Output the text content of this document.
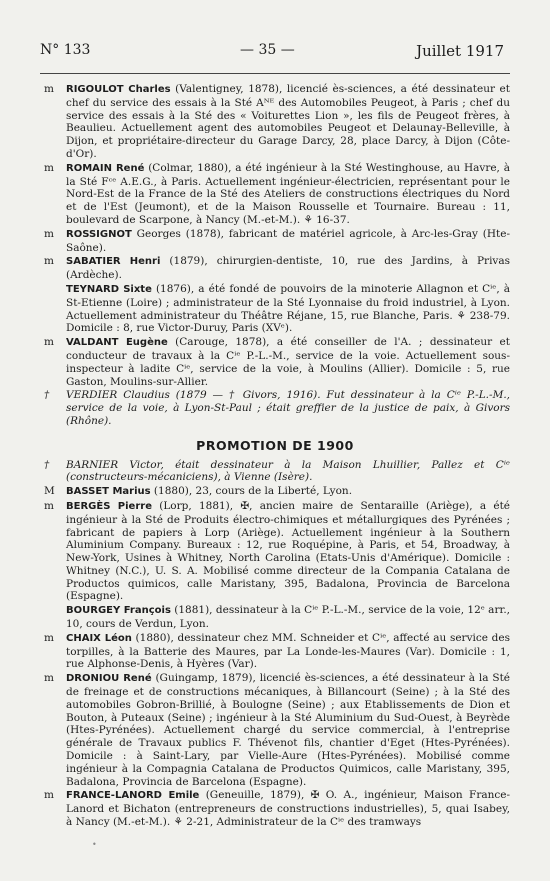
N° 133	— 35 —	Juillet 1917
m	RIGOULOT Charles (Valentigney, 1878), licencié ès-sciences, a été dessinateur et chef du service des essais à la Sté Aᴺᴱ des Automobiles Peugeot, à Paris ; chef du service des essais à la Sté des « Voiturettes Lion », les fils de Peugeot frères, à Beaulieu. Actuellement agent des automobiles Peugeot et Delaunay-Belleville, à Dijon, et propriétaire-directeur du Garage Darcy, 28, place Darcy, à Dijon (Côte-d'Or).
m	ROMAIN René (Colmar, 1880), a été ingénieur à la Sté Westinghouse, au Havre, à la Sté Fᶜᵉ A.E.G., à Paris. Actuellement ingénieur-électricien, représentant pour le Nord-Est de la France de la Sté des Ateliers de constructions électriques du Nord et de l'Est (Jeumont), et de la Maison Rousselle et Tournaire. Bureau : 11, boulevard de Scarpone, à Nancy (M.-et-M.). ⚘ 16-37.
m	ROSSIGNOT Georges (1878), fabricant de matériel agricole, à Arc-les-Gray (Hte-Saône).
m	SABATIER Henri (1879), chirurgien-dentiste, 10, rue des Jardins, à Privas (Ardèche).
TEYNARD Sixte (1876), a été fondé de pouvoirs de la minoterie Allagnon et Cⁱᵉ, à St-Etienne (Loire) ; administrateur de la Sté Lyonnaise du froid industriel, à Lyon. Actuellement administrateur du Théâtre Réjane, 15, rue Blanche, Paris. ⚘ 238-79. Domicile : 8, rue Victor-Duruy, Paris (XVᵉ).
m	VALDANT Eugène (Carouge, 1878), a été conseiller de l'A. ; dessinateur et conducteur de travaux à la Cⁱᵉ P.-L.-M., service de la voie. Actuellement sous-inspecteur à ladite Cⁱᵉ, service de la voie, à Moulins (Allier). Domicile : 5, rue Gaston, Moulins-sur-Allier.
†	VERDIER Claudius (1879 — † Givors, 1916). Fut dessinateur à la Cⁱᵉ P.-L.-M., service de la voie, à Lyon-St-Paul ; était greffier de la justice de paix, à Givors (Rhône).
PROMOTION DE 1900
†	BARNIER Victor, était dessinateur à la Maison Lhuillier, Pallez et Cⁱᵉ (constructeurs-mécaniciens), à Vienne (Isère).
M	BASSET Marius (1880), 23, cours de la Liberté, Lyon.
m	BERGÈS Pierre (Lorp, 1881), ✠, ancien maire de Sentaraille (Ariège), a été ingénieur à la Sté de Produits électro-chimiques et métallurgiques des Pyrénées ; fabricant de papiers à Lorp (Ariège). Actuellement ingénieur à la Southern Aluminium Company. Bureaux : 12, rue Roquépine, à Paris, et 54, Broadway, à New-York, Usines à Whitney, North Carolina (Etats-Unis d'Amérique). Domicile : Whitney (N.C.), U. S. A. Mobilisé comme directeur de la Compania Catalana de Productos quimicos, calle Maristany, 395, Badalona, Provincia de Barcelona (Espagne).
BOURGEY François (1881), dessinateur à la Cⁱᵉ P.-L.-M., service de la voie, 12ᵉ arr., 10, cours de Verdun, Lyon.
m	CHAIX Léon (1880), dessinateur chez MM. Schneider et Cⁱᵉ, affecté au service des torpilles, à la Batterie des Maures, par La Londe-les-Maures (Var). Domicile : 1, rue Alphonse-Denis, à Hyères (Var).
m	DRONIOU René (Guingamp, 1879), licencié ès-sciences, a été dessinateur à la Sté de freinage et de constructions mécaniques, à Billancourt (Seine) ; à la Sté des automobiles Gobron-Brillié, à Boulogne (Seine) ; aux Etablissements de Dion et Bouton, à Puteaux (Seine) ; ingénieur à la Sté Aluminium du Sud-Ouest, à Beyrède (Htes-Pyrénées). Actuellement chargé du service commercial, à l'entreprise générale de Travaux publics F. Thévenot fils, chantier d'Eget (Htes-Pyrénées). Domicile : à Saint-Lary, par Vielle-Aure (Htes-Pyrénées). Mobilisé comme ingénieur à la Compagnia Catalana de Productos Quimicos, calle Maristany, 395, Badalona, Provincia de Barcelona (Espagne).
m	FRANCE-LANORD Emile (Geneuille, 1879), ✠ O. A., ingénieur, Maison France-Lanord et Bichaton (entrepreneurs de constructions industrielles), 5, quai Isabey, à Nancy (M.-et-M.). ⚘ 2-21, Administrateur de la Cⁱᵉ des tramways
•
